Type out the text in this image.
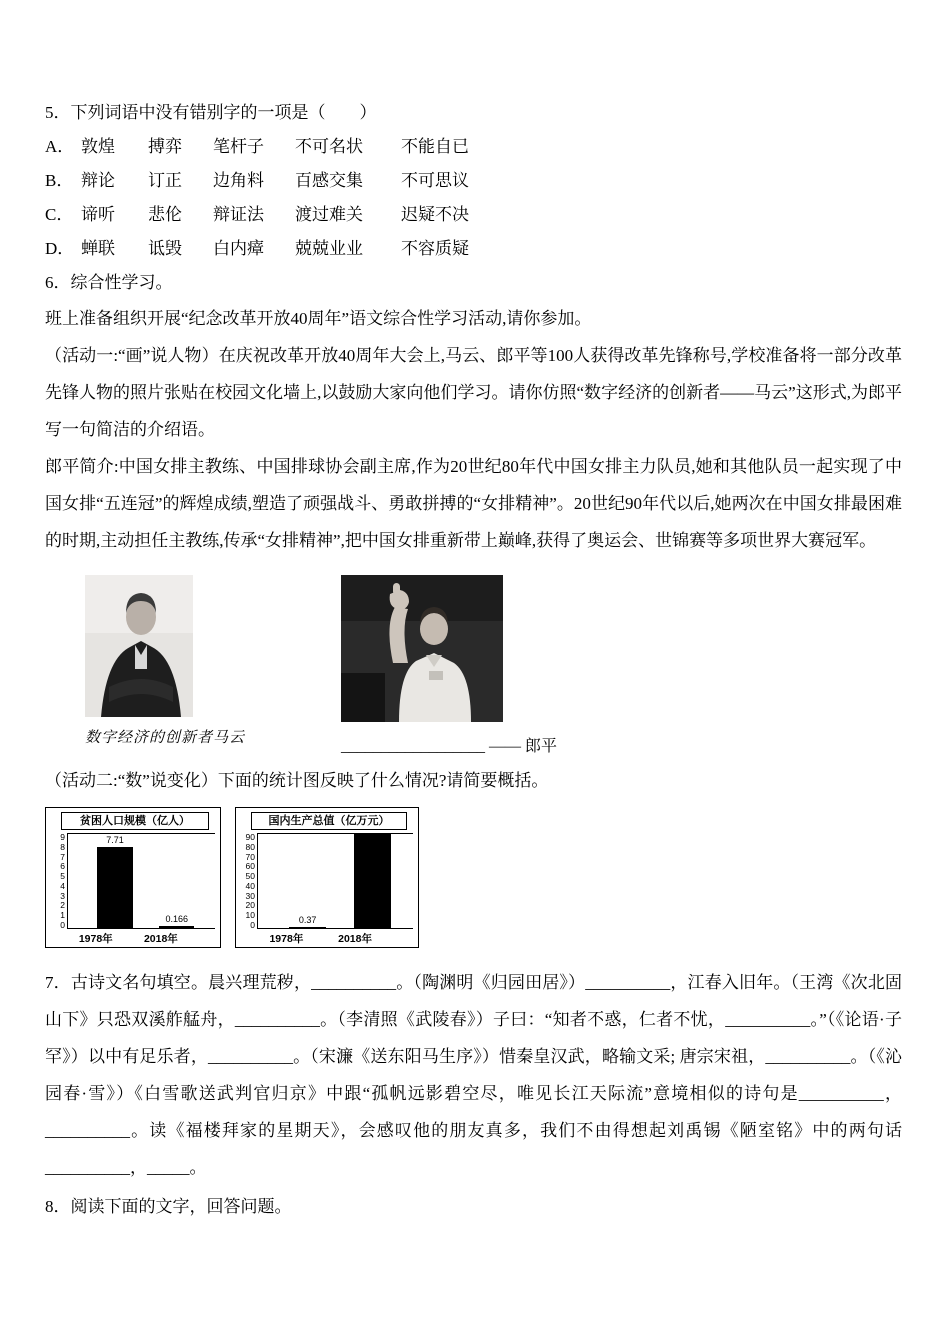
5．下列词语中没有错别字的一项是（　　）

A． 敦煌	搏弈	笔杆子	不可名状	不能自已
B． 辩论	订正	边角料	百感交集	不可思议
C． 谛听	悲伦	辩证法	渡过难关	迟疑不决
D． 蝉联	诋毁	白内瘴	兢兢业业	不容质疑

6．综合性学习。

班上准备组织开展“纪念改革开放40周年”语文综合性学习活动,请你参加。

（活动一:“画”说人物）在庆祝改革开放40周年大会上,马云、郎平等100人获得改革先锋称号,学校准备将一部分改革先锋人物的照片张贴在校园文化墙上,以鼓励大家向他们学习。请你仿照“数字经济的创新者——马云”这形式,为郎平写一句简洁的介绍语。

郎平简介:中国女排主教练、中国排球协会副主席,作为20世纪80年代中国女排主力队员,她和其他队员一起实现了中国女排“五连冠”的辉煌成绩,塑造了顽强战斗、勇敢拼搏的“女排精神”。20世纪90年代以后,她两次在中国女排最困难的时期,主动担任主教练,传承“女排精神”,把中国女排重新带上巅峰,获得了奥运会、世锦赛等多项世界大赛冠军。

数字经济的创新者马云	__________________ —— 郎平

（活动二:“数”说变化）下面的统计图反映了什么情况?请简要概括。

贫困人口规模（亿人）
9
8
7
6
5
4
3
2
1
0
7.71
0.166
1978年	2018年
国内生产总值（亿万元）
90
80
70
60
50
40
30
20
10
0	0.37
1978年	2018年

7．古诗文名句填空。晨兴理荒秽，__________。（陶渊明《归园田居》）__________，江春入旧年。（王湾《次北固山下》只恐双溪舴艋舟，__________。（李清照《武陵春》）子曰：“知者不惑，仁者不忧，__________。”（《论语·子罕》）以中有足乐者，__________。（宋濂《送东阳马生序》）惜秦皇汉武，略输文采; 唐宗宋祖，__________。（《沁园春·雪》）《白雪歌送武判官归京》中跟“孤帆远影碧空尽，唯见长江天际流”意境相似的诗句是__________，__________。读《福楼拜家的星期天》，会感叹他的朋友真多，我们不由得想起刘禹锡《陋室铭》中的两句话__________，_____。

8．阅读下面的文字，回答问题。
